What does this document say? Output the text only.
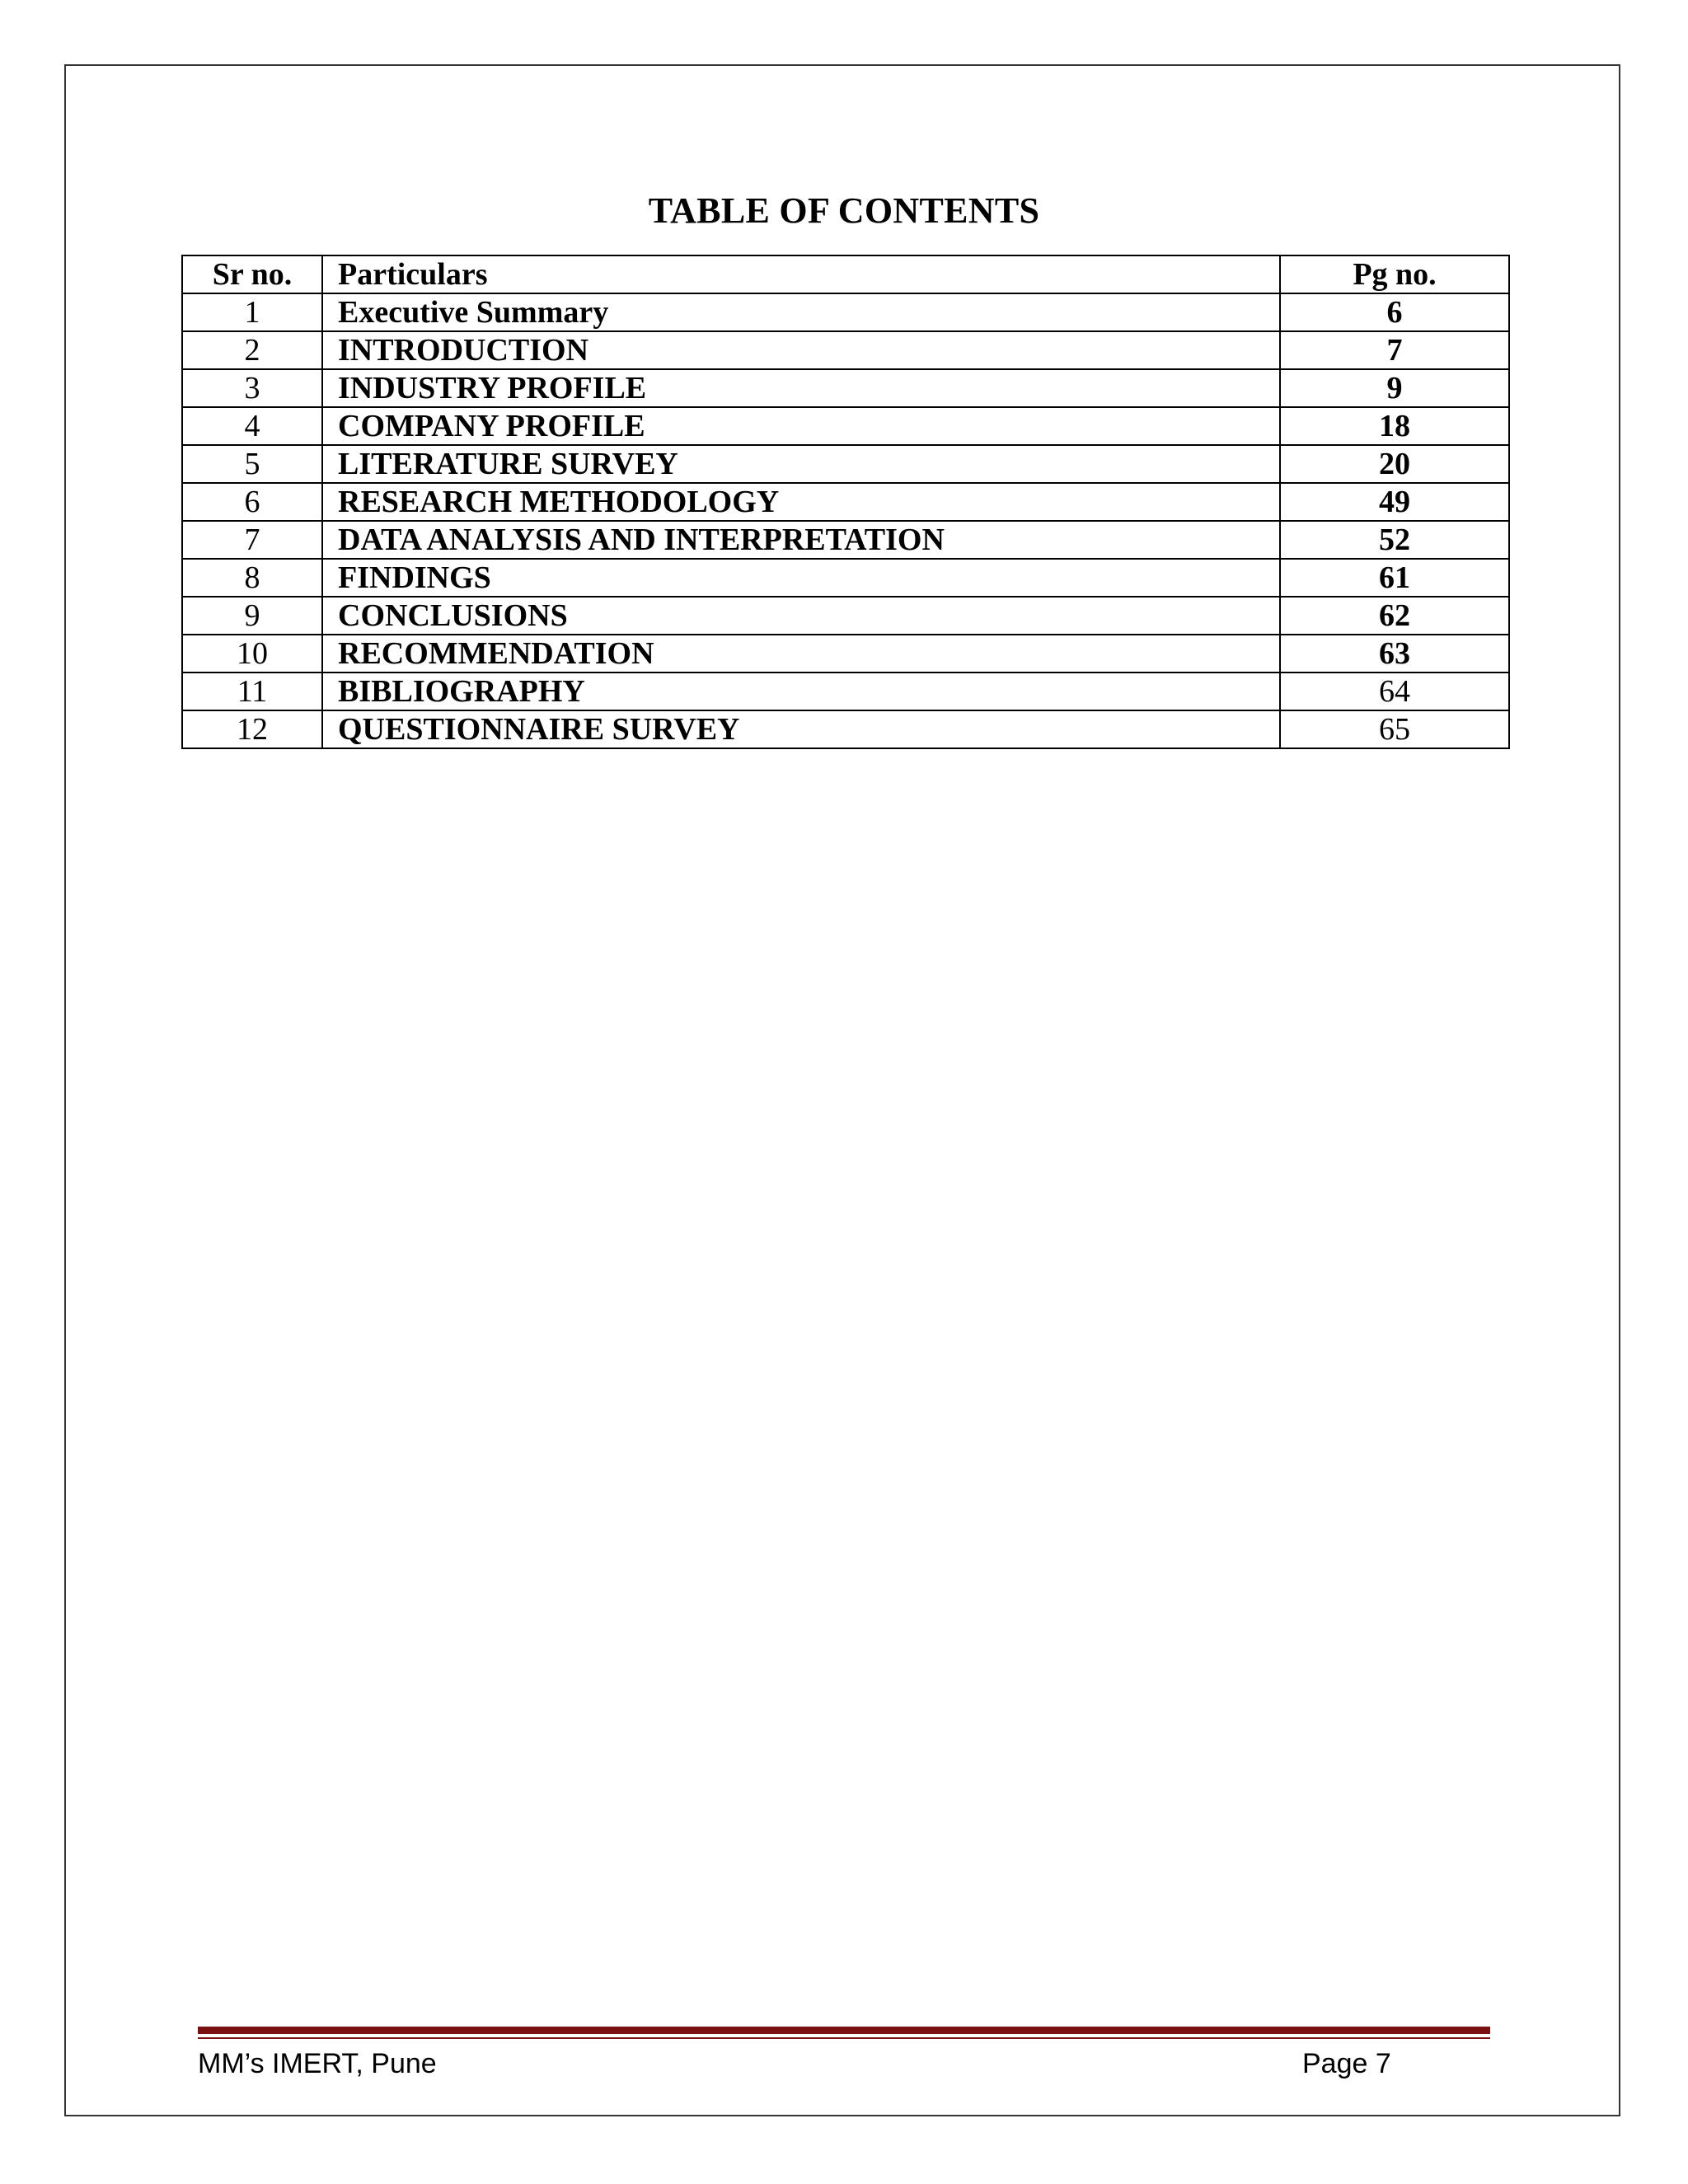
TABLE OF CONTENTS
Sr no.	Particulars	Pg no.
1	Executive Summary	6
2	INTRODUCTION	7
3	INDUSTRY PROFILE	9
4	COMPANY PROFILE	18
5	LITERATURE SURVEY	20
6	RESEARCH METHODOLOGY	49
7	DATA ANALYSIS AND INTERPRETATION	52
8	FINDINGS	61
9	CONCLUSIONS	62
10	RECOMMENDATION	63
11	BIBLIOGRAPHY	64
12	QUESTIONNAIRE SURVEY	65
MM’s IMERT, Pune	Page 7
